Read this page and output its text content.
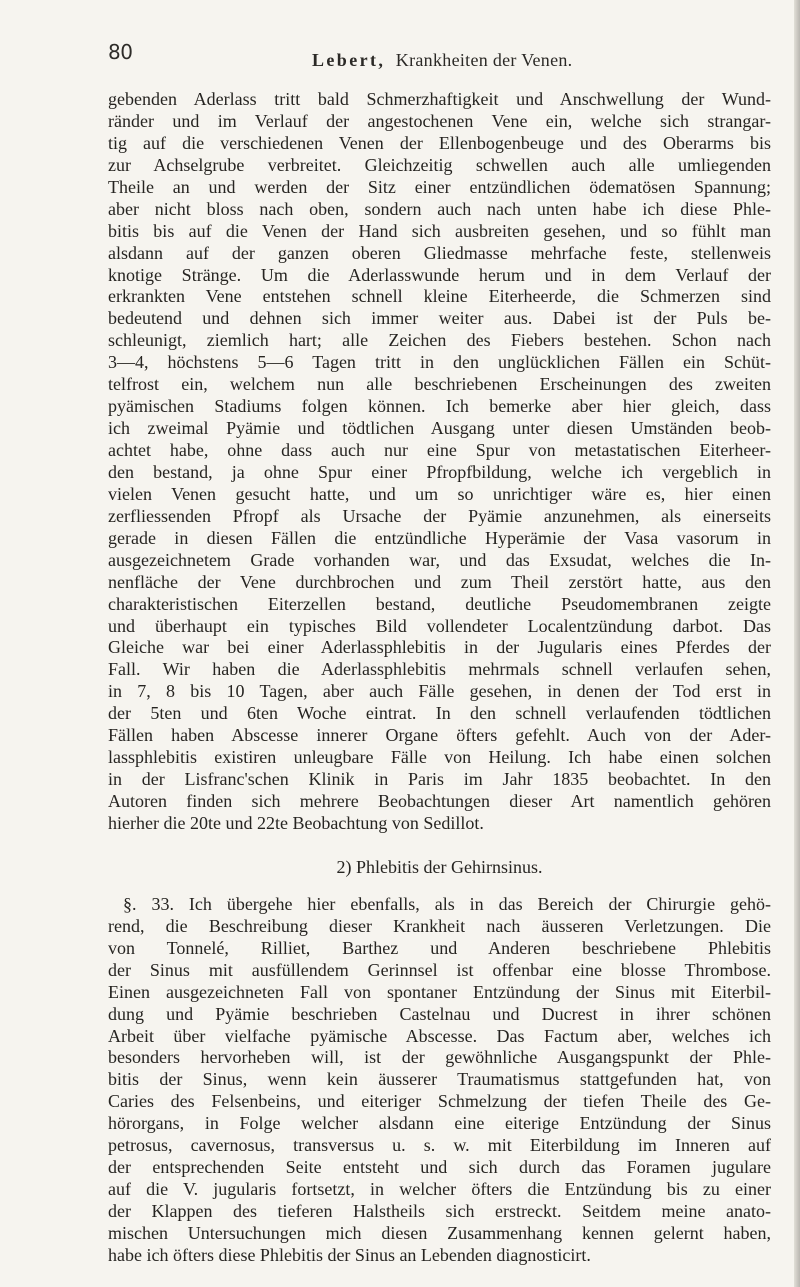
80	Lebert, Krankheiten der Venen.
gebenden Aderlass tritt bald Schmerzhaftigkeit und Anschwellung der Wund-
ränder und im Verlauf der angestochenen Vene ein, welche sich strangar-
tig auf die verschiedenen Venen der Ellenbogenbeuge und des Oberarms bis
zur Achselgrube verbreitet. Gleichzeitig schwellen auch alle umliegenden
Theile an und werden der Sitz einer entzündlichen ödematösen Spannung;
aber nicht bloss nach oben, sondern auch nach unten habe ich diese Phle-
bitis bis auf die Venen der Hand sich ausbreiten gesehen, und so fühlt man
alsdann auf der ganzen oberen Gliedmasse mehrfache feste, stellenweis
knotige Stränge. Um die Aderlasswunde herum und in dem Verlauf der
erkrankten Vene entstehen schnell kleine Eiterheerde, die Schmerzen sind
bedeutend und dehnen sich immer weiter aus. Dabei ist der Puls be-
schleunigt, ziemlich hart; alle Zeichen des Fiebers bestehen. Schon nach
3—4, höchstens 5—6 Tagen tritt in den unglücklichen Fällen ein Schüt-
telfrost ein, welchem nun alle beschriebenen Erscheinungen des zweiten
pyämischen Stadiums folgen können. Ich bemerke aber hier gleich, dass
ich zweimal Pyämie und tödtlichen Ausgang unter diesen Umständen beob-
achtet habe, ohne dass auch nur eine Spur von metastatischen Eiterheer-
den bestand, ja ohne Spur einer Pfropfbildung, welche ich vergeblich in
vielen Venen gesucht hatte, und um so unrichtiger wäre es, hier einen
zerfliessenden Pfropf als Ursache der Pyämie anzunehmen, als einerseits
gerade in diesen Fällen die entzündliche Hyperämie der Vasa vasorum in
ausgezeichnetem Grade vorhanden war, und das Exsudat, welches die In-
nenfläche der Vene durchbrochen und zum Theil zerstört hatte, aus den
charakteristischen Eiterzellen bestand, deutliche Pseudomembranen zeigte
und überhaupt ein typisches Bild vollendeter Localentzündung darbot. Das
Gleiche war bei einer Aderlassphlebitis in der Jugularis eines Pferdes der
Fall. Wir haben die Aderlassphlebitis mehrmals schnell verlaufen sehen,
in 7, 8 bis 10 Tagen, aber auch Fälle gesehen, in denen der Tod erst in
der 5ten und 6ten Woche eintrat. In den schnell verlaufenden tödtlichen
Fällen haben Abscesse innerer Organe öfters gefehlt. Auch von der Ader-
lassphlebitis existiren unleugbare Fälle von Heilung. Ich habe einen solchen
in der Lisfranc'schen Klinik in Paris im Jahr 1835 beobachtet. In den
Autoren finden sich mehrere Beobachtungen dieser Art namentlich gehören
hierher die 20te und 22te Beobachtung von Sedillot.
2) Phlebitis der Gehirnsinus.
§. 33. Ich übergehe hier ebenfalls, als in das Bereich der Chirurgie gehö-
rend, die Beschreibung dieser Krankheit nach äusseren Verletzungen. Die
von Tonnelé, Rilliet, Barthez und Anderen beschriebene Phlebitis
der Sinus mit ausfüllendem Gerinnsel ist offenbar eine blosse Thrombose.
Einen ausgezeichneten Fall von spontaner Entzündung der Sinus mit Eiterbil-
dung und Pyämie beschrieben Castelnau und Ducrest in ihrer schönen
Arbeit über vielfache pyämische Abscesse. Das Factum aber, welches ich
besonders hervorheben will, ist der gewöhnliche Ausgangspunkt der Phle-
bitis der Sinus, wenn kein äusserer Traumatismus stattgefunden hat, von
Caries des Felsenbeins, und eiteriger Schmelzung der tiefen Theile des Ge-
hörorgans, in Folge welcher alsdann eine eiterige Entzündung der Sinus
petrosus, cavernosus, transversus u. s. w. mit Eiterbildung im Inneren auf
der entsprechenden Seite entsteht und sich durch das Foramen jugulare
auf die V. jugularis fortsetzt, in welcher öfters die Entzündung bis zu einer
der Klappen des tieferen Halstheils sich erstreckt. Seitdem meine anato-
mischen Untersuchungen mich diesen Zusammenhang kennen gelernt haben,
habe ich öfters diese Phlebitis der Sinus an Lebenden diagnosticirt.
